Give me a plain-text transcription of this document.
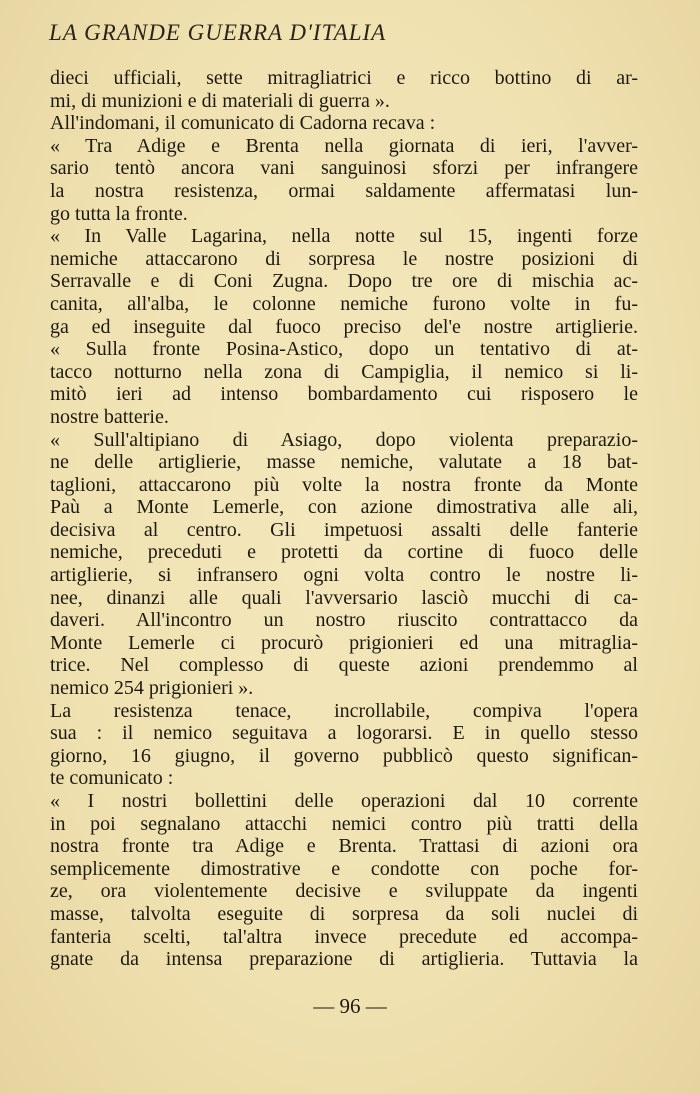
LA GRANDE GUERRA D'ITALIA
dieci ufficiali, sette mitragliatrici e ricco bottino di ar-
mi, di munizioni e di materiali di guerra ».
All'indomani, il comunicato di Cadorna recava :
« Tra Adige e Brenta nella giornata di ieri, l'avver-
sario tentò ancora vani sanguinosi sforzi per infrangere
la nostra resistenza, ormai saldamente affermatasi lun-
go tutta la fronte.
« In Valle Lagarina, nella notte sul 15, ingenti forze
nemiche attaccarono di sorpresa le nostre posizioni di
Serravalle e di Coni Zugna. Dopo tre ore di mischia ac-
canita, all'alba, le colonne nemiche furono volte in fu-
ga ed inseguite dal fuoco preciso del'e nostre artiglierie.
« Sulla fronte Posina-Astico, dopo un tentativo di at-
tacco notturno nella zona di Campiglia, il nemico si li-
mitò ieri ad intenso bombardamento cui risposero le
nostre batterie.
« Sull'altipiano di Asiago, dopo violenta preparazio-
ne delle artiglierie, masse nemiche, valutate a 18 bat-
taglioni, attaccarono più volte la nostra fronte da Monte
Paù a Monte Lemerle, con azione dimostrativa alle ali,
decisiva al centro. Gli impetuosi assalti delle fanterie
nemiche, preceduti e protetti da cortine di fuoco delle
artiglierie, si infransero ogni volta contro le nostre li-
nee, dinanzi alle quali l'avversario lasciò mucchi di ca-
daveri. All'incontro un nostro riuscito contrattacco da
Monte Lemerle ci procurò prigionieri ed una mitraglia-
trice. Nel complesso di queste azioni prendemmo al
nemico 254 prigionieri ».
La resistenza tenace, incrollabile, compiva l'opera
sua : il nemico seguitava a logorarsi. E in quello stesso
giorno, 16 giugno, il governo pubblicò questo significan-
te comunicato :
« I nostri bollettini delle operazioni dal 10 corrente
in poi segnalano attacchi nemici contro più tratti della
nostra fronte tra Adige e Brenta. Trattasi di azioni ora
semplicemente dimostrative e condotte con poche for-
ze, ora violentemente decisive e sviluppate da ingenti
masse, talvolta eseguite di sorpresa da soli nuclei di
fanteria scelti, tal'altra invece precedute ed accompa-
gnate da intensa preparazione di artiglieria. Tuttavia la
— 96 —
